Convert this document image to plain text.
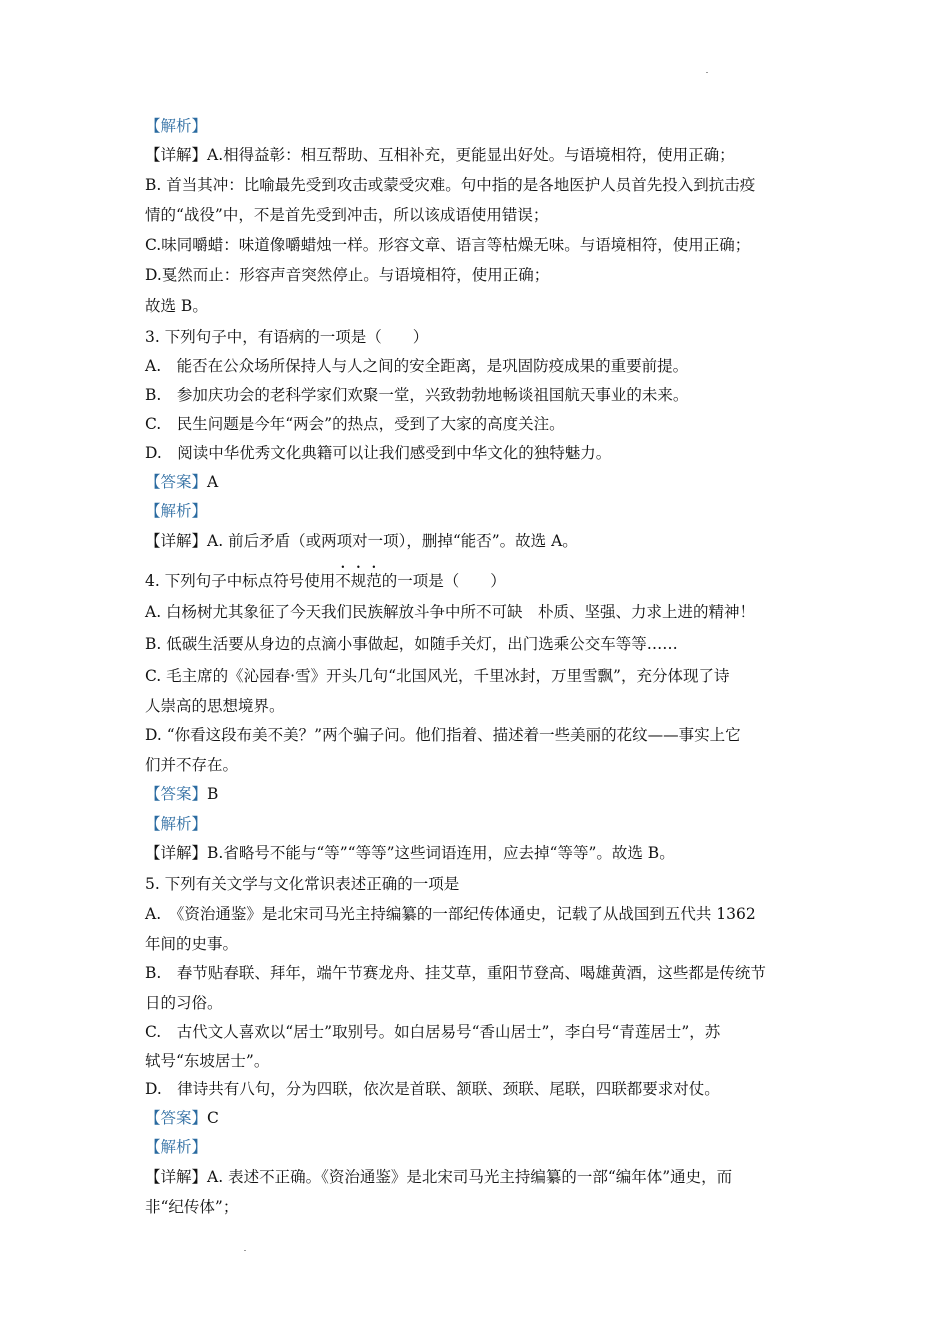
【解析】
【详解】A.相得益彰：相互帮助、互相补充，更能显出好处。与语境相符，使用正确；
B. 首当其冲：比喻最先受到攻击或蒙受灾难。句中指的是各地医护人员首先投入到抗击疫
情的“战役”中，不是首先受到冲击，所以该成语使用错误；
C.味同嚼蜡：味道像嚼蜡烛一样。形容文章、语言等枯燥无味。与语境相符，使用正确；
D.戛然而止：形容声音突然停止。与语境相符，使用正确；
故选 B。
3. 下列句子中，有语病的一项是（　　）
A.　能否在公众场所保持人与人之间的安全距离，是巩固防疫成果的重要前提。
B.　参加庆功会的老科学家们欢聚一堂，兴致勃勃地畅谈祖国航天事业的未来。
C.　民生问题是今年“两会”的热点，受到了大家的高度关注。
D.　阅读中华优秀文化典籍可以让我们感受到中华文化的独特魅力。
【答案】A
【解析】
【详解】A. 前后矛盾（或两项对一项），删掉“能否”。故选 A。
4. 下列句子中标点符号使用不规范的一项是（　　）
A. 白杨树尤其象征了今天我们民族解放斗争中所不可缺　朴质、坚强、力求上进的精神！
B. 低碳生活要从身边的点滴小事做起，如随手关灯，出门选乘公交车等等……
C. 毛主席的《沁园春·雪》开头几句“北国风光，千里冰封，万里雪飘”，充分体现了诗
人崇高的思想境界。
D. “你看这段布美不美？”两个骗子问。他们指着、描述着一些美丽的花纹——事实上它
们并不存在。
【答案】B
【解析】
【详解】B.省略号不能与“等”“等等”这些词语连用，应去掉“等等”。故选 B。
5. 下列有关文学与文化常识表述正确的一项是
A.　《资治通鉴》是北宋司马光主持编纂的一部纪传体通史，记载了从战国到五代共 1362
年间的史事。
B.　春节贴春联、拜年，端午节赛龙舟、挂艾草，重阳节登高、喝雄黄酒，这些都是传统节
日的习俗。
C.　古代文人喜欢以“居士”取别号。如白居易号“香山居士”，李白号“青莲居士”，苏
轼号“东坡居士”。
D.　律诗共有八句，分为四联，依次是首联、颔联、颈联、尾联，四联都要求对仗。
【答案】C
【解析】
【详解】A. 表述不正确。《资治通鉴》是北宋司马光主持编纂的一部“编年体”通史，而
非“纪传体”；
